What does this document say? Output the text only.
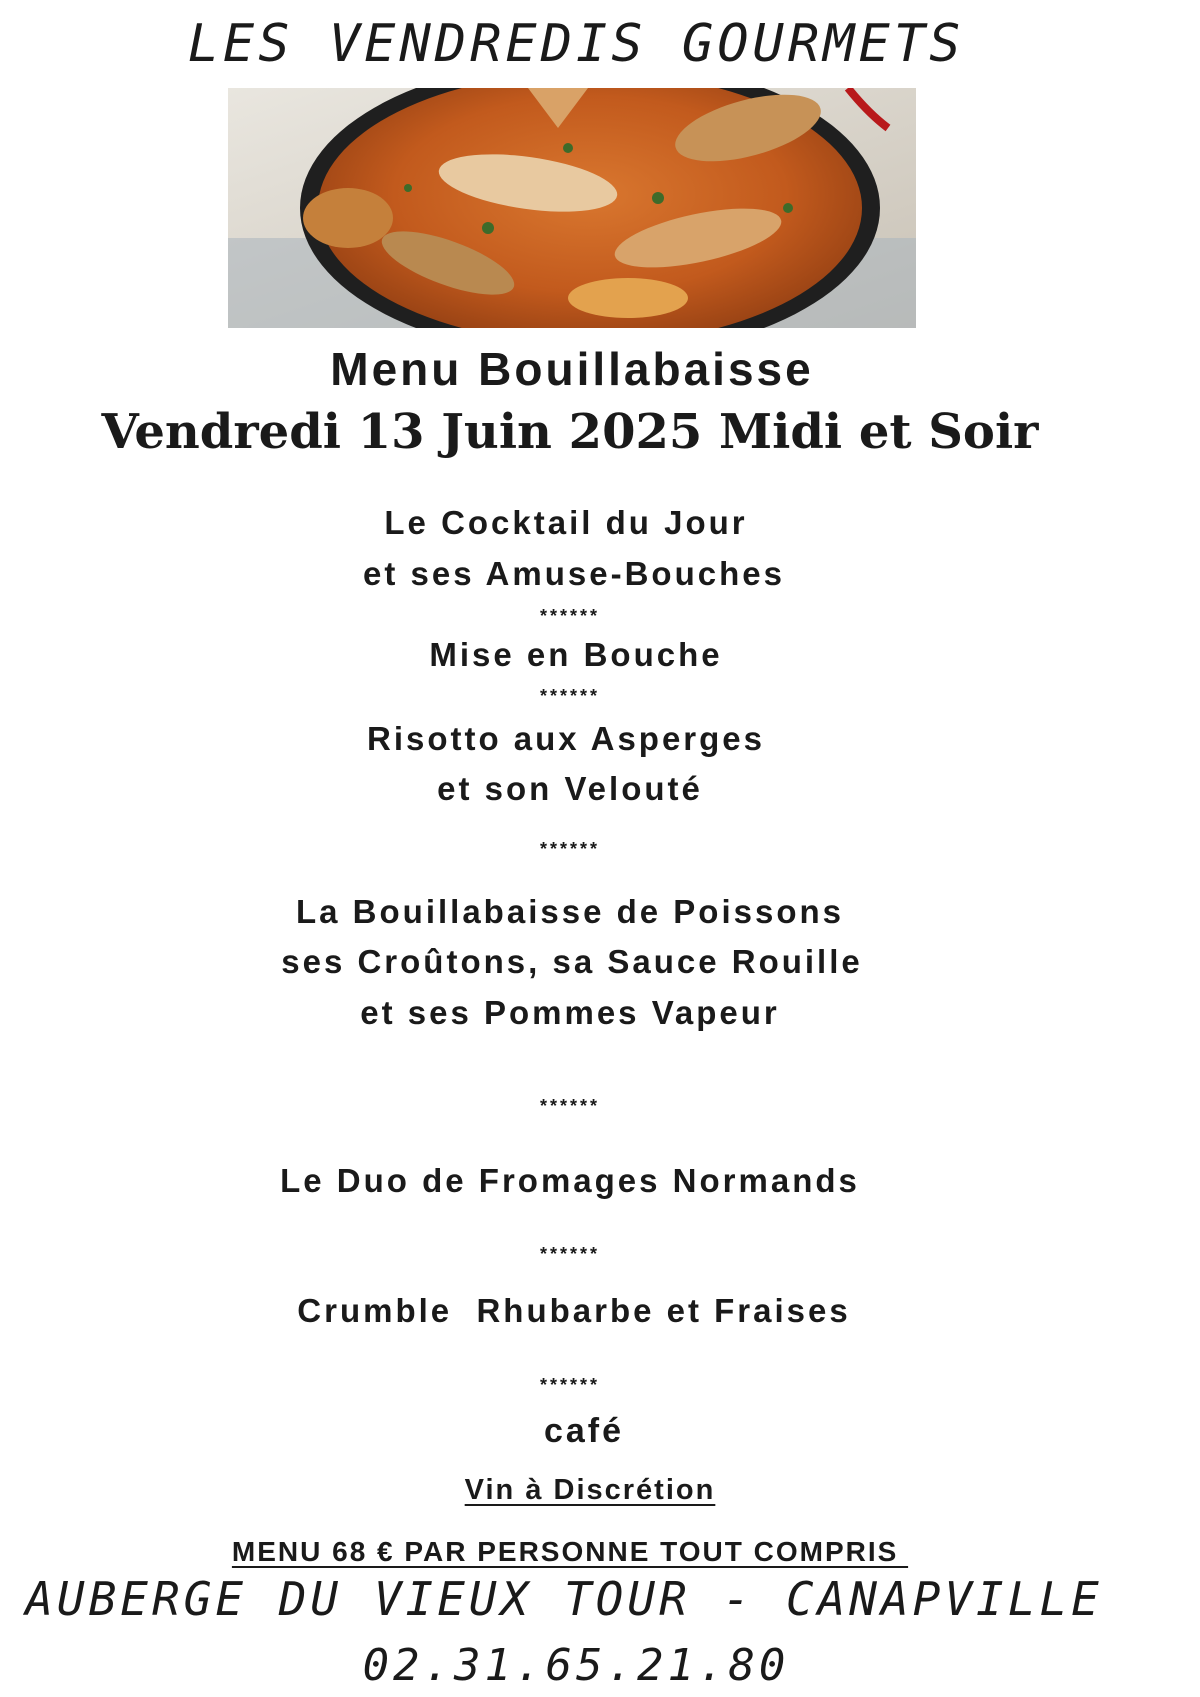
LES VENDREDIS GOURMETS
Menu Bouillabaisse
Vendredi 13 Juin 2025 Midi et Soir
Le Cocktail du Jour
et ses Amuse-Bouches
******
Mise en Bouche
******
Risotto aux Asperges
et son Velouté
******
La Bouillabaisse de Poissons
ses Croûtons, sa Sauce Rouille
et ses Pommes Vapeur
******
Le Duo de Fromages Normands
******
Crumble  Rhubarbe et Fraises
******
café
Vin à Discrétion
MENU 68 € PAR PERSONNE TOUT COMPRIS
AUBERGE DU VIEUX TOUR - CANAPVILLE
02.31.65.21.80
